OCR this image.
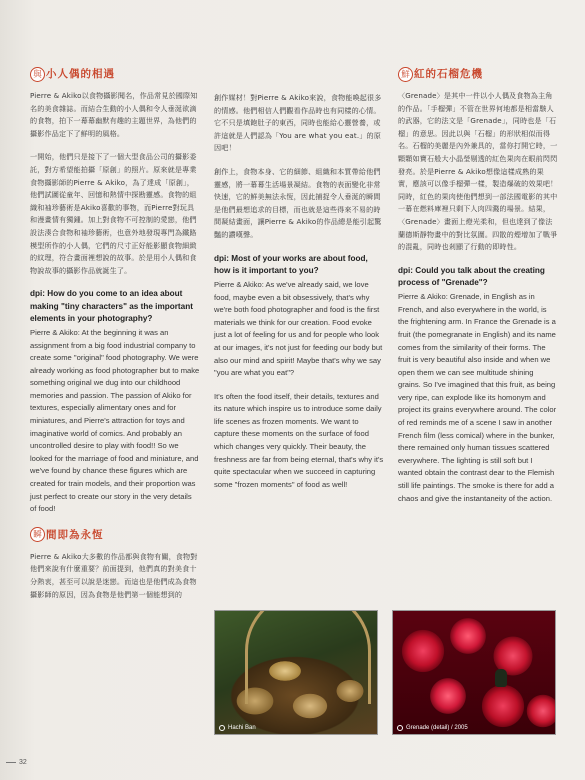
與 小人偶的相遇

Pierre & Akiko以食物攝影聞名，作品常見於國際知名的美食雜誌。而結合生動的小人偶和令人垂涎欲滴的食物，拍下一幕幕幽默有趣的主題世界，為他們的攝影作品定下了鮮明的風格。

一開始，他們只是接下了一個大型食品公司的攝影委託，對方希望能拍攝「原創」的照片。原來就是專業食物攝影師的Pierre & Akiko，為了達成「原創」，他們試圖從童年、回憶和熱情中探勘靈感。食物的組織和袖珍藝術是Akiko喜歡的事物，而Pierre對玩具和漫畫情有獨鍾。加上對食物不可控制的愛戀，他們設法湊合食物和袖珍藝術，也意外地發現專門為鐵路模型所作的小人偶，它們的尺寸正好能影顯食物細緻的紋理，符合畫面裡想說的故事。於是用小人偶和食物說故事的攝影作品就誕生了。

dpi: How do you come to an idea about making "tiny characters" as the important elements in your photography?

Pierre & Akiko: At the beginning it was an assignment from a big food industrial company to create some "original" food photography. We were already working as food photographer but to make something original we dug into our childhood memories and passion. The passion of Akiko for textures, especially alimentary ones and for miniatures, and Pierre's attraction for toys and imaginative world of comics. And probably an uncontrolled desire to play with food!! So we looked for the marriage of food and miniature, and we've found by chance these figures which are created for train models, and their proportion was just perfect to create our story in the very details of food!

瞬 間即為永恆

Pierre & Akiko大多數的作品都與食物有關，食物對他們來說有什麼重要？前面提到，他們真的對美食十分熱衷，甚至可以說是迷戀。而這也是他們成為食物攝影師的原因，因為食物是他們第一個能想到的

創作媒材！對Pierre & Akiko來說，食物能喚起很多的情感。他們相信人們觀看作品時也有同樣的心情。它不只是填飽肚子的東西，同時也能給心靈營養，或許這就是人們認為「You are what you eat.」的原因吧！

創作上，食物本身、它的細節、組織和本質帶給他們靈感，將一幕幕生活場景凝結。食物的表面變化非常快速，它的鮮美無法永恆，因此捕捉令人垂涎的瞬間是他們最想追求的目標，而也就是這些得來不易的時間凝結畫面，讓Pierre & Akiko的作品總是能引起驚豔的讚嘆聲。

dpi: Most of your works are about food, how is it important to you?

Pierre & Akiko: As we've already said, we love food, maybe even a bit obsessively, that's why we're both food photographer and food is the first materials we think for our creation. Food evoke just a lot of feeling for us and for people who look at our images, it's not just for feeding our body but also our mind and spirit! Maybe that's why we say "you are what you eat"?

It's often the food itself, their details, textures and its nature which inspire us to introduce some daily life scenes as frozen moments. We want to capture these moments on the surface of food which changes very quickly. Their beauty, the freshness are far from being eternal, that's why it's quite spectacular when we succeed in capturing some "frozen moments" of food as well!

鮮 紅的石榴危機

〈Grenade〉是其中一件以小人偶及食物為主角的作品。「手榴彈」不管在世界何地都是相當駭人的武器，它的法文是「Grenade」，同時也是「石榴」的意思。因此以與「石榴」的形狀相似而得名。石榴的美麗是內外兼具的，當你打開它時，一顆顆如寶石般大小晶瑩剔透的紅色果肉在眼前閃閃發亮。於是Pierre & Akiko想像這樣成熟的果實，應該可以像手榴彈一樣，製造爆破的效果吧！同時，紅色的果肉使他們想到一部法國電影的其中一幕在燃料庫裡只剩下人肉四濺的場景。結果，〈Grenade〉畫面上燈光柔和，但也達到了像法蘭德斯靜物畫中的對比氛圍。四散的煙增加了戰爭的混亂，同時也剎顯了行動的即時性。

dpi: Could you talk about the creating process of "Grenade"?

Pierre & Akiko: Grenade, in English as in French, and also everywhere in the world, is the frightening arm. In France the Grenade is a fruit (the pomegranate in English) and its name comes from the similarity of their forms. The fruit is very beautiful also inside and when we open them we can see multitude shining grains. So I've imagined that this fruit, as being very ripe, can explode like its homonym and project its grains everywhere around. The color of red reminds me of a scene I saw in another French film (less comical) where in the bunker, there remained only human tissues scattered everywhere. The lighting is still soft but I wanted obtain the contrast dear to the Flemish still life paintings. The smoke is there for add a chaos and give the instantaneity of the action.

Hachi Ban	Grenade (detail) / 2005
32
